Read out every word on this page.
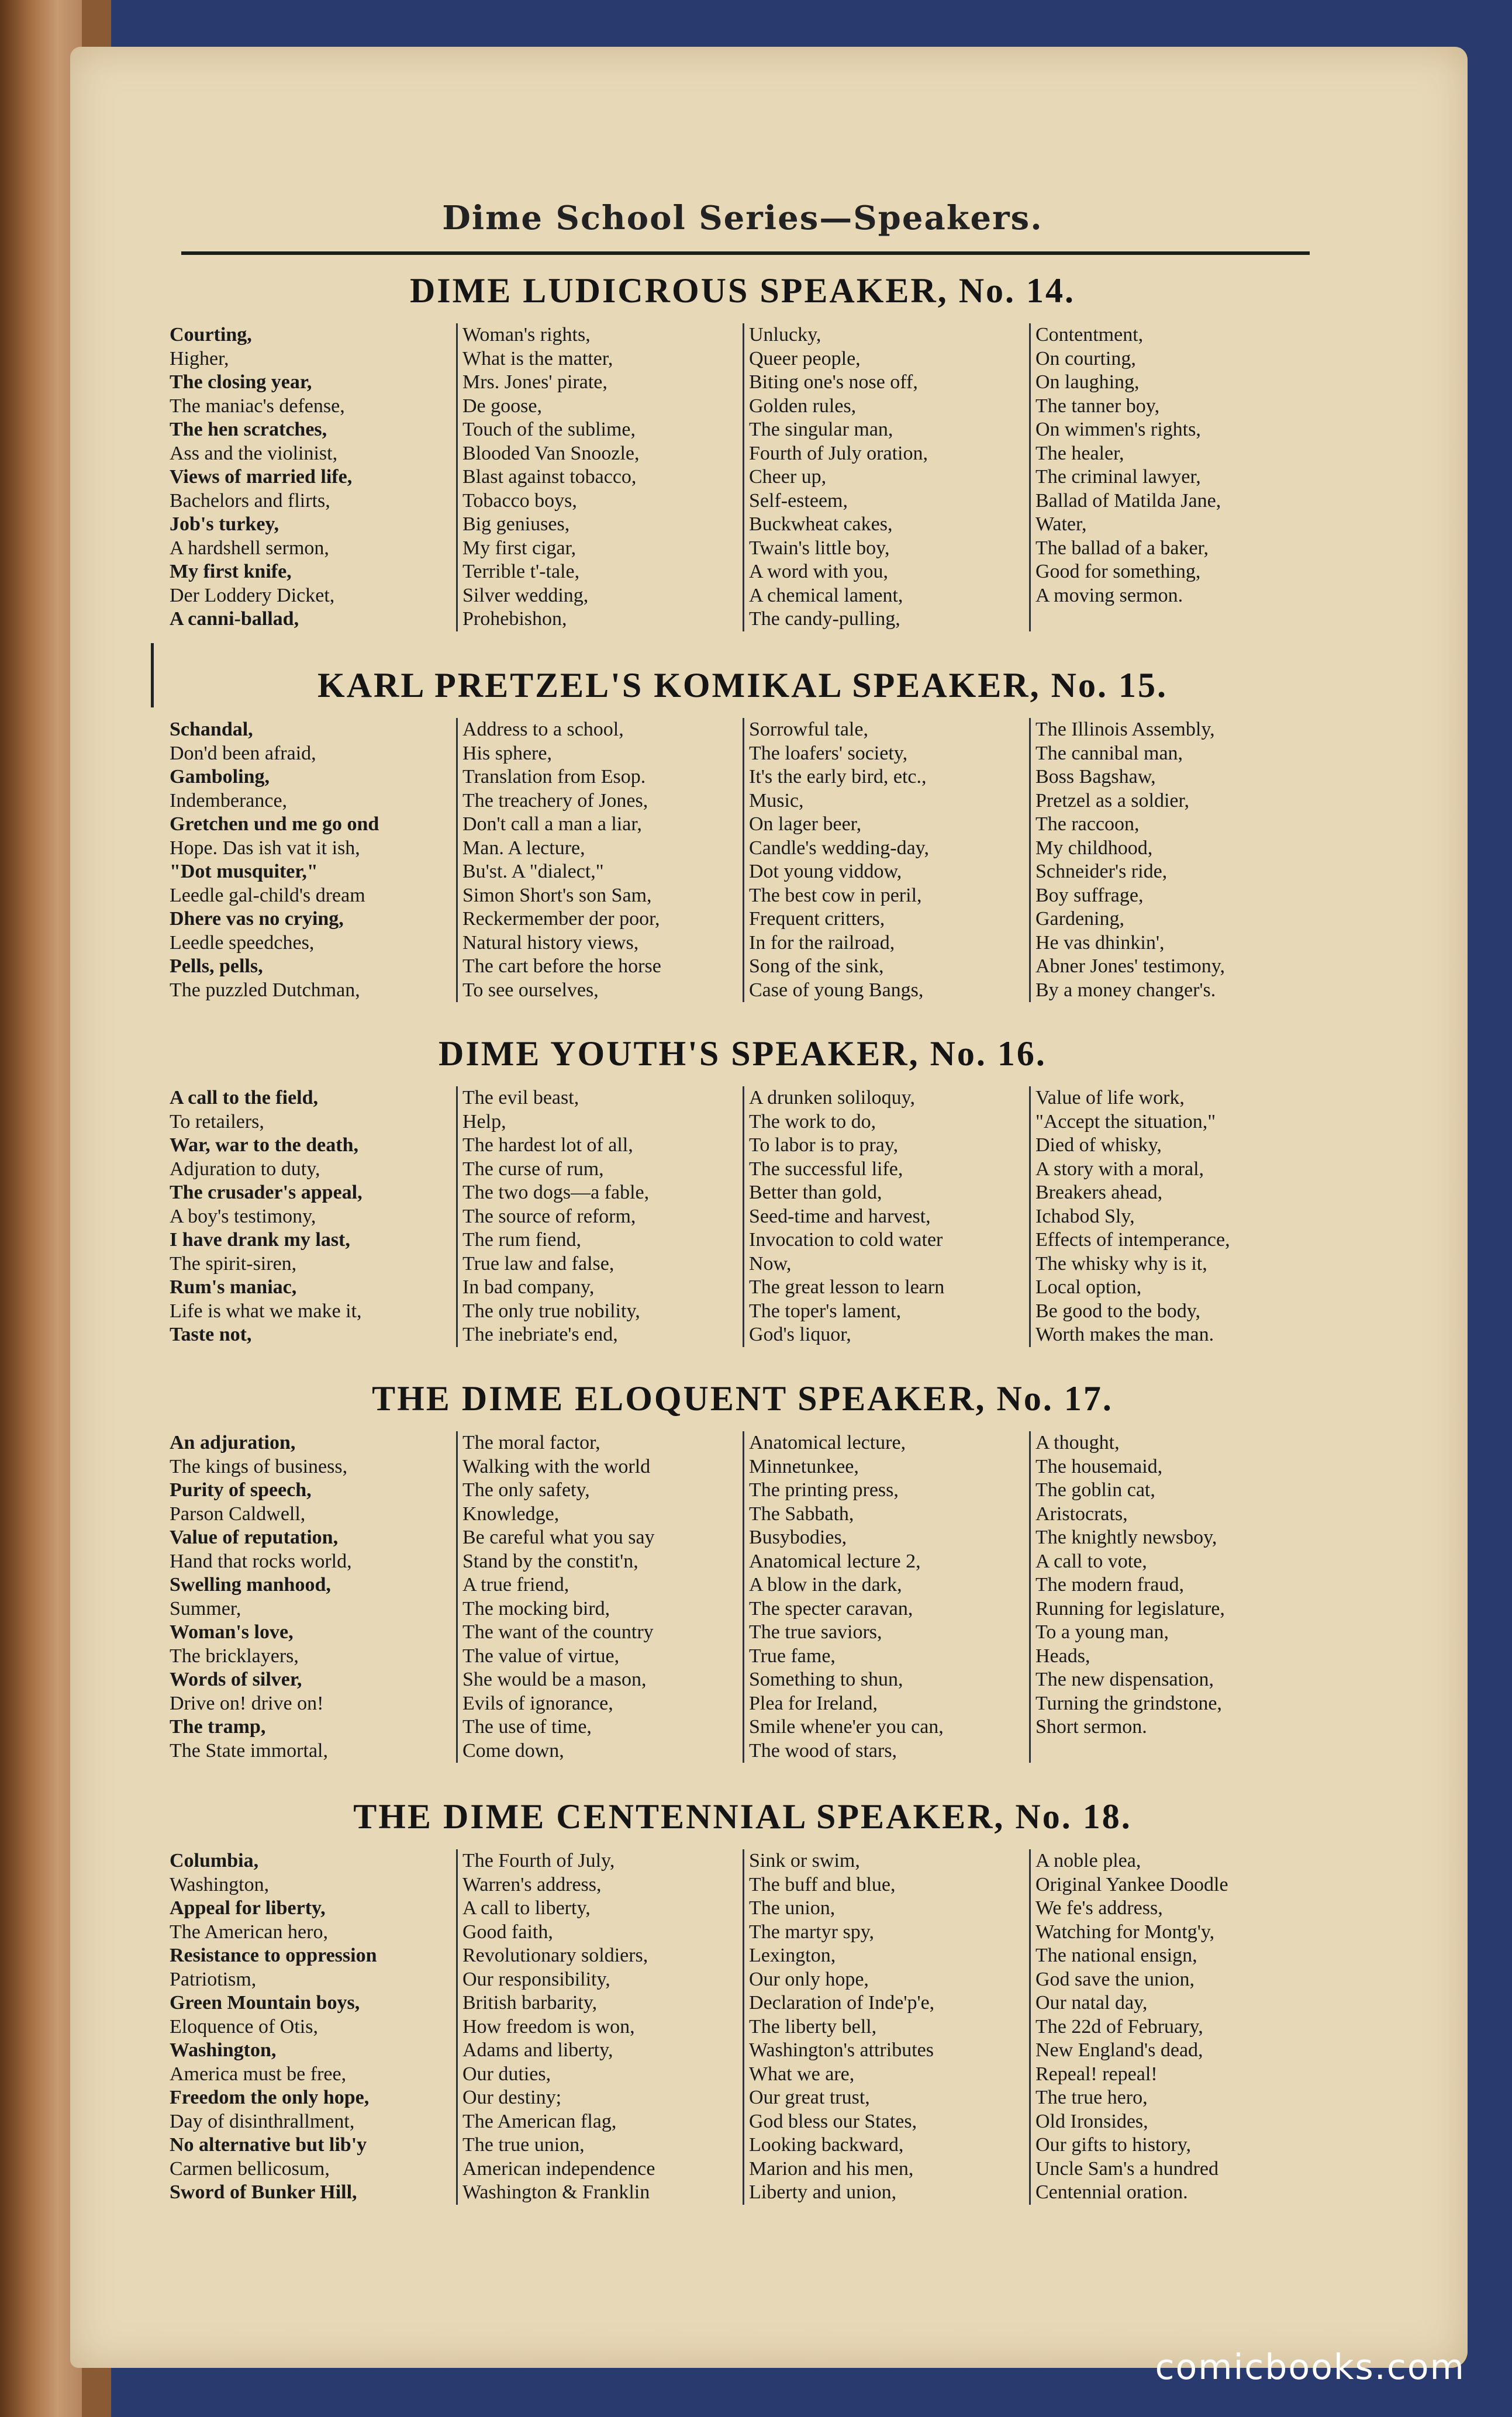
Dime School Series—Speakers.
DIME LUDICROUS SPEAKER, No. 14.
Courting,
Higher,
The closing year,
The maniac's defense,
The hen scratches,
Ass and the violinist,
Views of married life,
Bachelors and flirts,
Job's turkey,
A hardshell sermon,
My first knife,
Der Loddery Dicket,
A canni-ballad,
Woman's rights,
What is the matter,
Mrs. Jones' pirate,
De goose,
Touch of the sublime,
Blooded Van Snoozle,
Blast against tobacco,
Tobacco boys,
Big geniuses,
My first cigar,
Terrible t'-tale,
Silver wedding,
Prohebishon,
Unlucky,
Queer people,
Biting one's nose off,
Golden rules,
The singular man,
Fourth of July oration,
Cheer up,
Self-esteem,
Buckwheat cakes,
Twain's little boy,
A word with you,
A chemical lament,
The candy-pulling,
Contentment,
On courting,
On laughing,
The tanner boy,
On wimmen's rights,
The healer,
The criminal lawyer,
Ballad of Matilda Jane,
Water,
The ballad of a baker,
Good for something,
A moving sermon.
KARL PRETZEL'S KOMIKAL SPEAKER, No. 15.
Schandal,
Don'd been afraid,
Gamboling,
Indemberance,
Gretchen und me go ond
Hope. Das ish vat it ish,
"Dot musquiter,"
Leedle gal-child's dream
Dhere vas no crying,
Leedle speedches,
Pells, pells,
The puzzled Dutchman,
Address to a school,
His sphere,
Translation from Esop.
The treachery of Jones,
Don't call a man a liar,
Man. A lecture,
Bu'st. A "dialect,"
Simon Short's son Sam,
Reckermember der poor,
Natural history views,
The cart before the horse
To see ourselves,
Sorrowful tale,
The loafers' society,
It's the early bird, etc.,
Music,
On lager beer,
Candle's wedding-day,
Dot young viddow,
The best cow in peril,
Frequent critters,
In for the railroad,
Song of the sink,
Case of young Bangs,
The Illinois Assembly,
The cannibal man,
Boss Bagshaw,
Pretzel as a soldier,
The raccoon,
My childhood,
Schneider's ride,
Boy suffrage,
Gardening,
He vas dhinkin',
Abner Jones' testimony,
By a money changer's.
DIME YOUTH'S SPEAKER, No. 16.
A call to the field,
To retailers,
War, war to the death,
Adjuration to duty,
The crusader's appeal,
A boy's testimony,
I have drank my last,
The spirit-siren,
Rum's maniac,
Life is what we make it,
Taste not,
The evil beast,
Help,
The hardest lot of all,
The curse of rum,
The two dogs—a fable,
The source of reform,
The rum fiend,
True law and false,
In bad company,
The only true nobility,
The inebriate's end,
A drunken soliloquy,
The work to do,
To labor is to pray,
The successful life,
Better than gold,
Seed-time and harvest,
Invocation to cold water
Now,
The great lesson to learn
The toper's lament,
God's liquor,
Value of life work,
"Accept the situation,"
Died of whisky,
A story with a moral,
Breakers ahead,
Ichabod Sly,
Effects of intemperance,
The whisky why is it,
Local option,
Be good to the body,
Worth makes the man.
THE DIME ELOQUENT SPEAKER, No. 17.
An adjuration,
The kings of business,
Purity of speech,
Parson Caldwell,
Value of reputation,
Hand that rocks world,
Swelling manhood,
Summer,
Woman's love,
The bricklayers,
Words of silver,
Drive on! drive on!
The tramp,
The State immortal,
The moral factor,
Walking with the world
The only safety,
Knowledge,
Be careful what you say
Stand by the constit'n,
A true friend,
The mocking bird,
The want of the country
The value of virtue,
She would be a mason,
Evils of ignorance,
The use of time,
Come down,
Anatomical lecture,
Minnetunkee,
The printing press,
The Sabbath,
Busybodies,
Anatomical lecture 2,
A blow in the dark,
The specter caravan,
The true saviors,
True fame,
Something to shun,
Plea for Ireland,
Smile whene'er you can,
The wood of stars,
A thought,
The housemaid,
The goblin cat,
Aristocrats,
The knightly newsboy,
A call to vote,
The modern fraud,
Running for legislature,
To a young man,
Heads,
The new dispensation,
Turning the grindstone,
Short sermon.
THE DIME CENTENNIAL SPEAKER, No. 18.
Columbia,
Washington,
Appeal for liberty,
The American hero,
Resistance to oppression
Patriotism,
Green Mountain boys,
Eloquence of Otis,
Washington,
America must be free,
Freedom the only hope,
Day of disinthrallment,
No alternative but lib'y
Carmen bellicosum,
Sword of Bunker Hill,
The Fourth of July,
Warren's address,
A call to liberty,
Good faith,
Revolutionary soldiers,
Our responsibility,
British barbarity,
How freedom is won,
Adams and liberty,
Our duties,
Our destiny;
The American flag,
The true union,
American independence
Washington & Franklin
Sink or swim,
The buff and blue,
The union,
The martyr spy,
Lexington,
Our only hope,
Declaration of Inde'p'e,
The liberty bell,
Washington's attributes
What we are,
Our great trust,
God bless our States,
Looking backward,
Marion and his men,
Liberty and union,
A noble plea,
Original Yankee Doodle
We fe's address,
Watching for Montg'y,
The national ensign,
God save the union,
Our natal day,
The 22d of February,
New England's dead,
Repeal! repeal!
The true hero,
Old Ironsides,
Our gifts to history,
Uncle Sam's a hundred
Centennial oration.
comicbooks.com
